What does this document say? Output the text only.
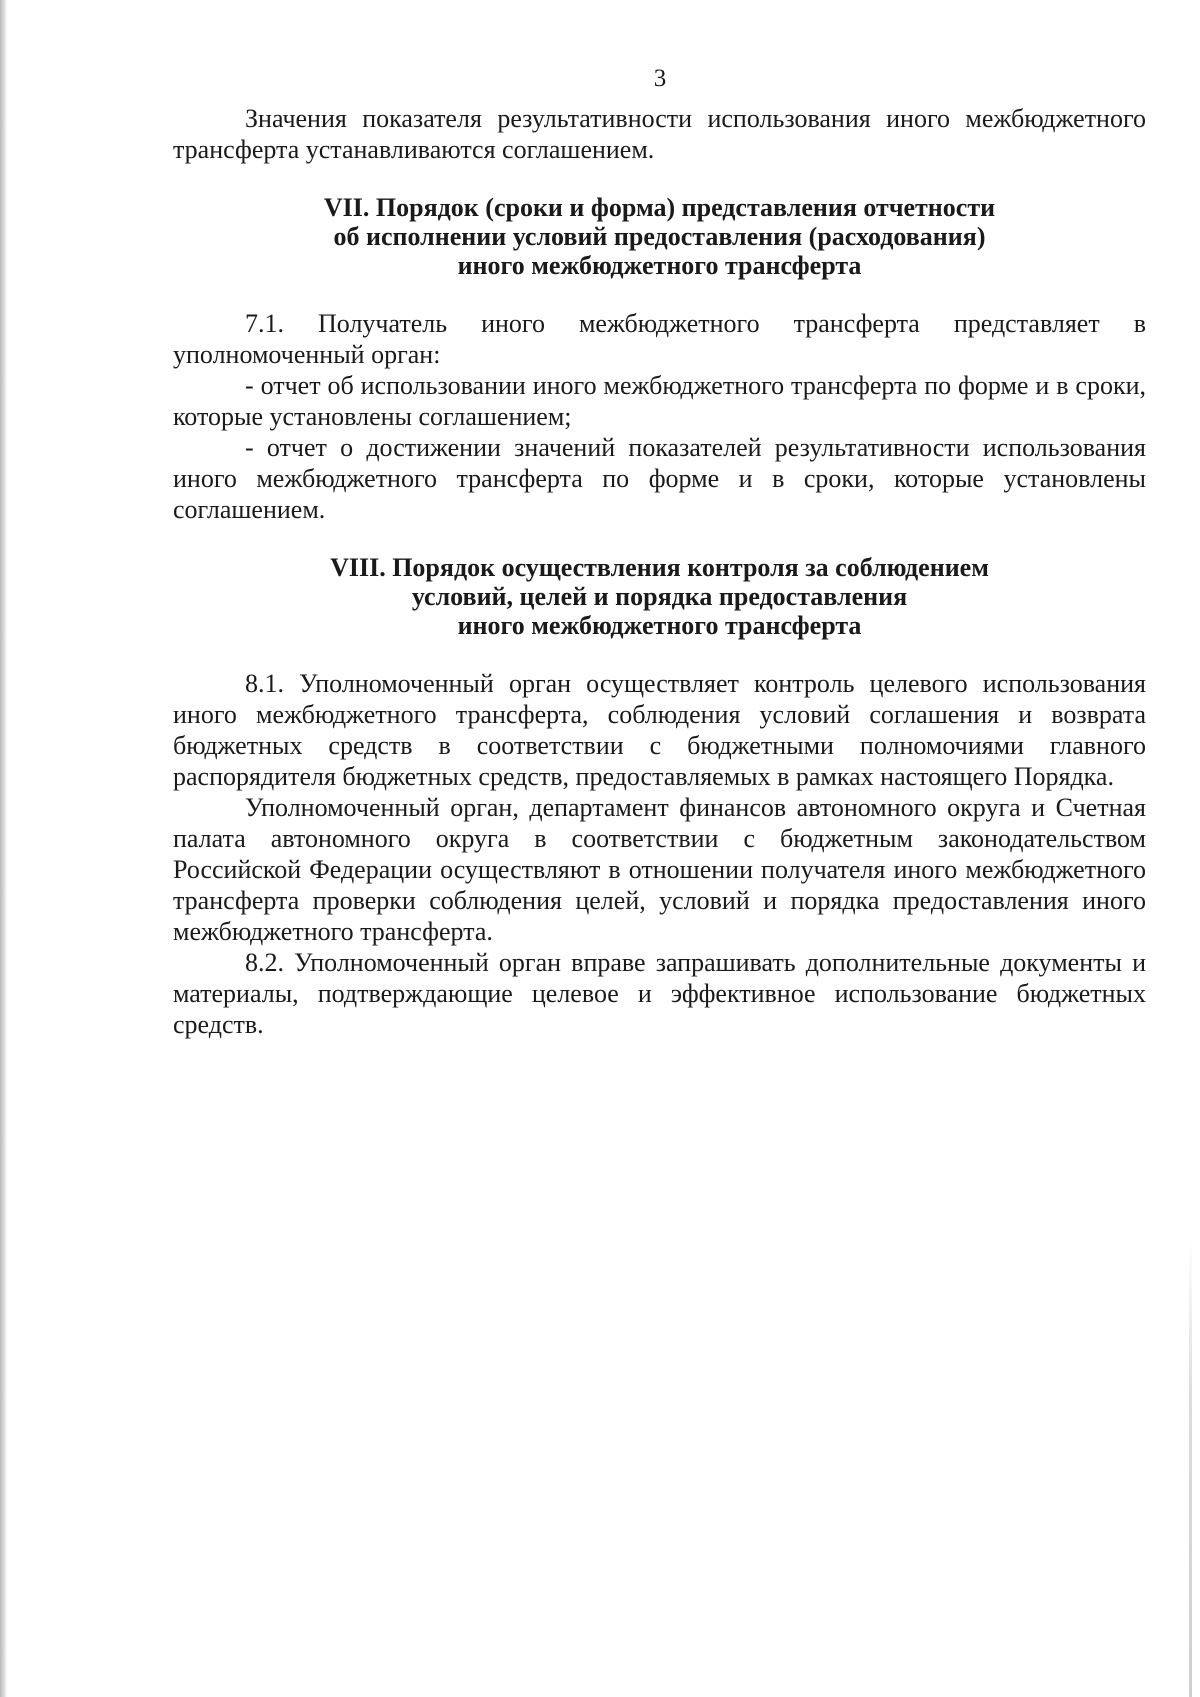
3

Значения показателя результативности использования иного межбюджетного трансферта устанавливаются соглашением.

VII. Порядок (сроки и форма) представления отчетности
об исполнении условий предоставления (расходования)
иного межбюджетного трансферта

7.1. Получатель иного межбюджетного трансферта представляет в уполномоченный орган:

- отчет об использовании иного межбюджетного трансферта по форме и в сроки, которые установлены соглашением;

- отчет о достижении значений показателей результативности использования иного межбюджетного трансферта по форме и в сроки, которые установлены соглашением.

VIII. Порядок осуществления контроля за соблюдением
условий, целей и порядка предоставления
иного межбюджетного трансферта

8.1. Уполномоченный орган осуществляет контроль целевого использования иного межбюджетного трансферта, соблюдения условий соглашения и возврата бюджетных средств в соответствии с бюджетными полномочиями главного распорядителя бюджетных средств, предоставляемых в рамках настоящего Порядка.

Уполномоченный орган, департамент финансов автономного округа и Счетная палата автономного округа в соответствии с бюджетным законодательством Российской Федерации осуществляют в отношении получателя иного межбюджетного трансферта проверки соблюдения целей, условий и порядка предоставления иного межбюджетного трансферта.

8.2. Уполномоченный орган вправе запрашивать дополнительные документы и материалы, подтверждающие целевое и эффективное использование бюджетных средств.
